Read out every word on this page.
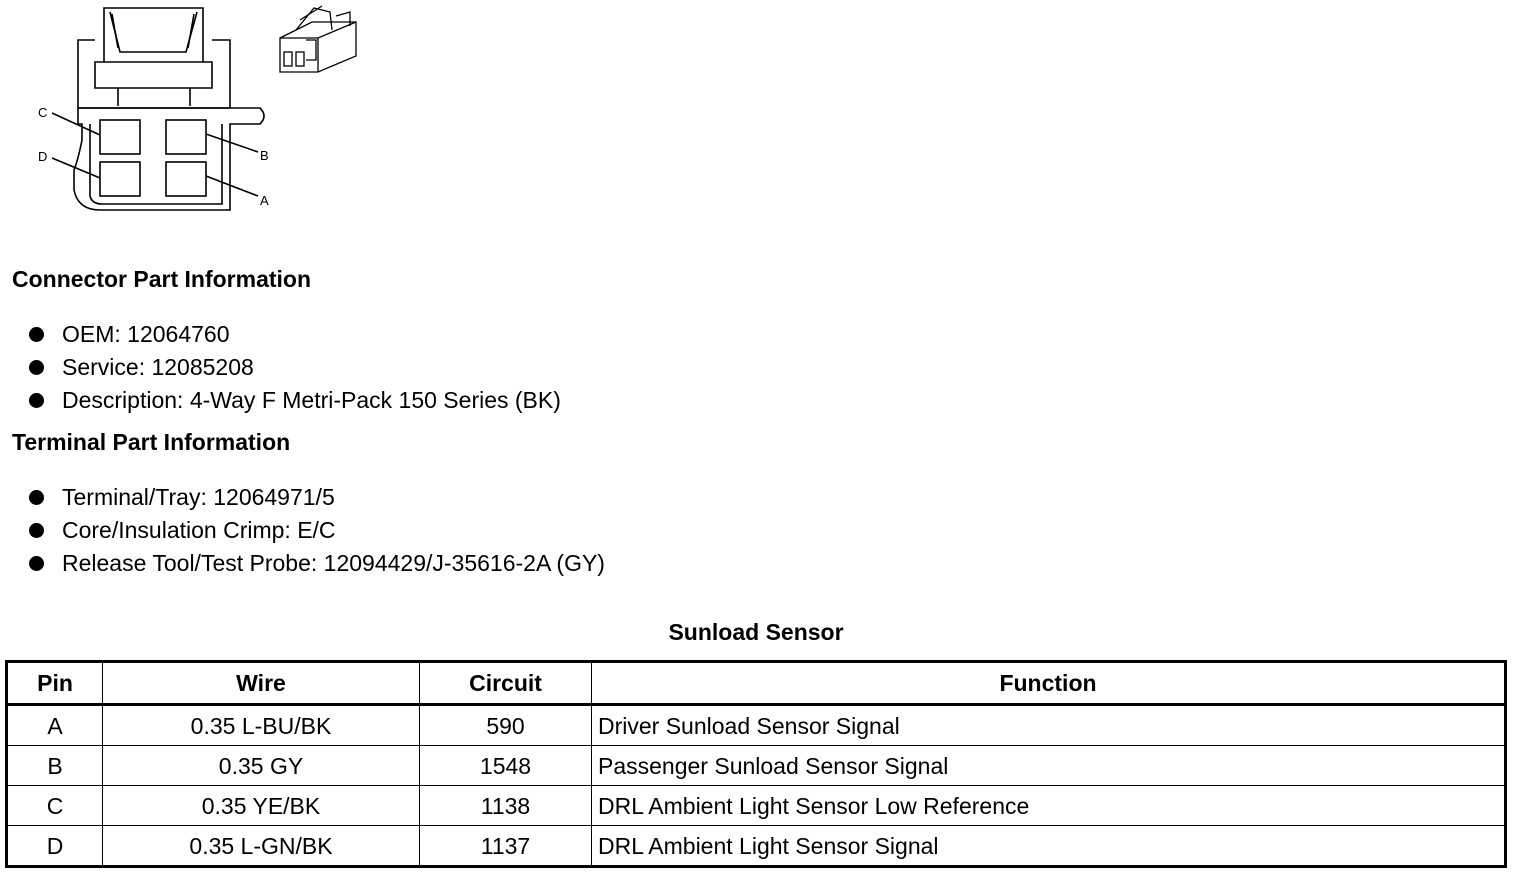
C
B
D
A
Connector Part Information
OEM: 12064760
Service: 12085208
Description: 4-Way F Metri-Pack 150 Series (BK)
Terminal Part Information
Terminal/Tray: 12064971/5
Core/Insulation Crimp: E/C
Release Tool/Test Probe: 12094429/J-35616-2A (GY)
Sunload Sensor
Pin	Wire	Circuit	Function
A	0.35 L-BU/BK	590	Driver Sunload Sensor Signal
B	0.35 GY	1548	Passenger Sunload Sensor Signal
C	0.35 YE/BK	1138	DRL Ambient Light Sensor Low Reference
D	0.35 L-GN/BK	1137	DRL Ambient Light Sensor Signal
